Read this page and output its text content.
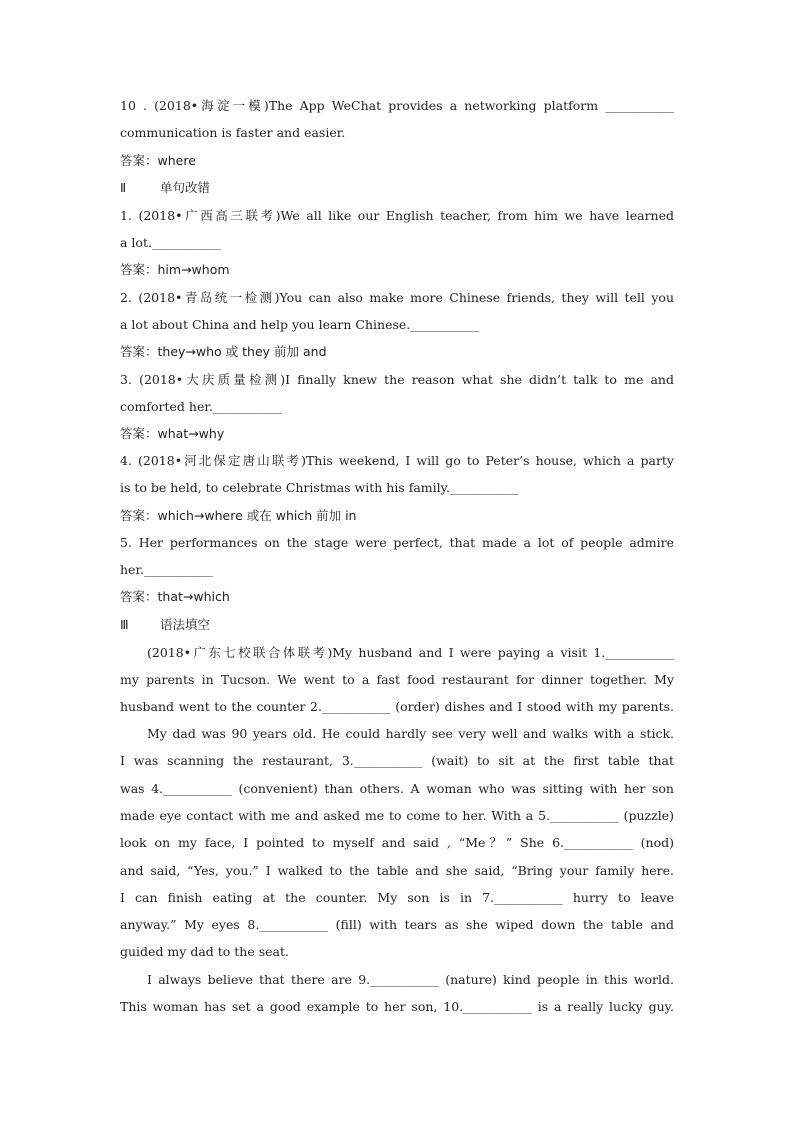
10 . (2018•海淀一模)The App WeChat provides a networking platform ___________
communication is faster and easier.
答案：where
Ⅱ	单句改错
1. (2018•广西高三联考)We all like our English teacher, from him we have learned
a lot.___________
答案：him→whom
2. (2018•青岛统一检测)You can also make more Chinese friends, they will tell you
a lot about China and help you learn Chinese.___________
答案：they→who 或 they 前加 and
3. (2018•大庆质量检测)I finally knew the reason what she didn’t talk to me and
comforted her.___________
答案：what→why
4. (2018•河北保定唐山联考)This weekend, I will go to Peter’s house, which a party
is to be held, to celebrate Christmas with his family.___________
答案：which→where 或在 which 前加 in
5. Her performances on the stage were perfect, that made a lot of people admire
her.___________
答案：that→which
Ⅲ	语法填空
(2018•广东七校联合体联考)My husband and I were paying a visit 1.___________
my parents in Tucson. We went to a fast food restaurant for dinner together. My
husband went to the counter 2.___________ (order) dishes and I stood with my parents.
My dad was 90 years old. He could hardly see very well and walks with a stick.
I was scanning the restaurant, 3.___________ (wait) to sit at the first table that
was 4.___________ (convenient) than others. A woman who was sitting with her son
made eye contact with me and asked me to come to her. With a 5.___________ (puzzle)
look on my face, I pointed to myself and said , “Me？” She 6.___________ (nod)
and said, “Yes, you.” I walked to the table and she said, “Bring your family here.
I can finish eating at the counter. My son is in 7.___________ hurry to leave
anyway.” My eyes 8.___________ (fill) with tears as she wiped down the table and
guided my dad to the seat.
I always believe that there are 9.___________ (nature) kind people in this world.
This woman has set a good example to her son, 10.___________ is a really lucky guy.
